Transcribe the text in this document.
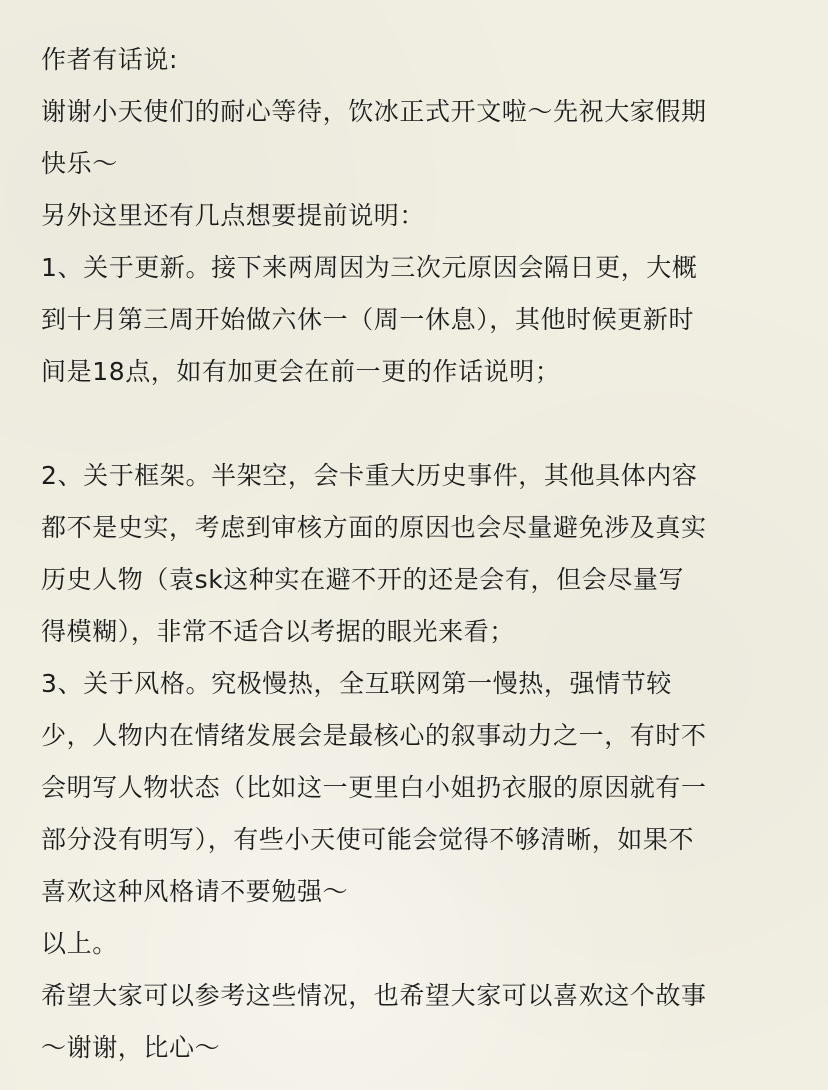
作者有话说:
谢谢小天使们的耐心等待，饮冰正式开文啦～先祝大家假期
快乐～
另外这里还有几点想要提前说明：
1、关于更新。接下来两周因为三次元原因会隔日更，大概
到十月第三周开始做六休一（周一休息），其他时候更新时
间是18点，如有加更会在前一更的作话说明；
2、关于框架。半架空，会卡重大历史事件，其他具体内容
都不是史实，考虑到审核方面的原因也会尽量避免涉及真实
历史人物（袁sk这种实在避不开的还是会有，但会尽量写
得模糊），非常不适合以考据的眼光来看；
3、关于风格。究极慢热，全互联网第一慢热，强情节较
少，人物内在情绪发展会是最核心的叙事动力之一，有时不
会明写人物状态（比如这一更里白小姐扔衣服的原因就有一
部分没有明写），有些小天使可能会觉得不够清晰，如果不
喜欢这种风格请不要勉强～
以上。
希望大家可以参考这些情况，也希望大家可以喜欢这个故事
～谢谢，比心～
